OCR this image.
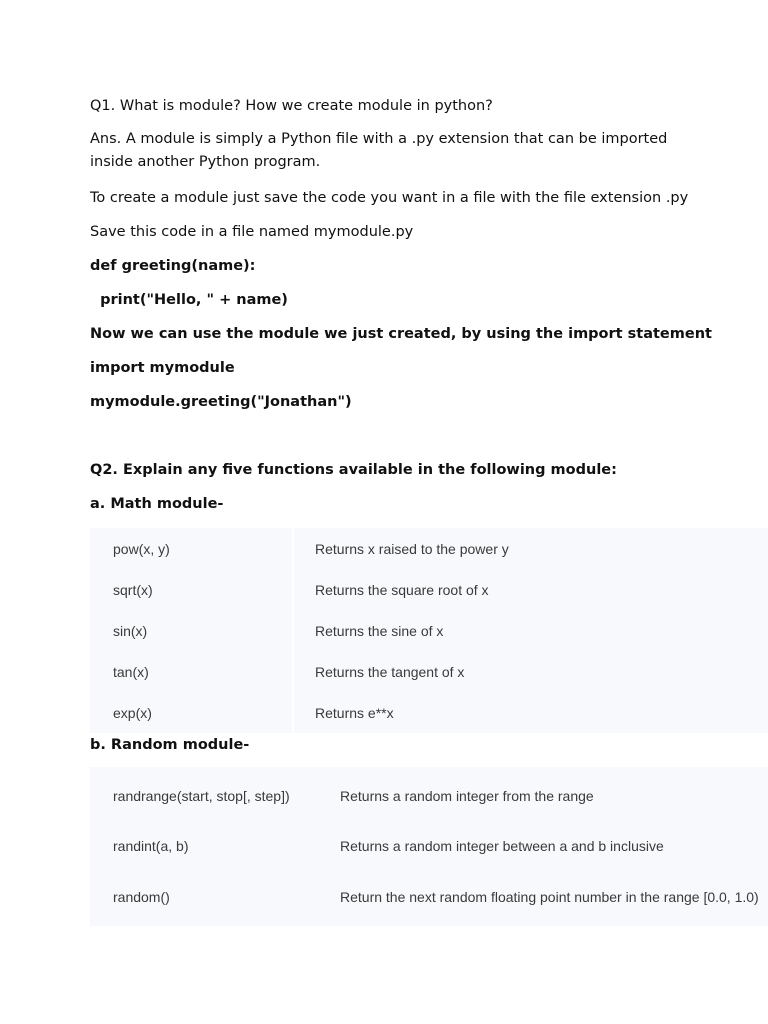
Q1. What is module? How we create module in python?
Ans. A module is simply a Python file with a .py extension that can be imported inside another Python program.
To create a module just save the code you want in a file with the file extension .py
Save this code in a file named mymodule.py
def greeting(name):
print("Hello, " + name)
Now we can use the module we just created, by using the import statement
import mymodule
mymodule.greeting("Jonathan")
Q2. Explain any five functions available in the following module:
a. Math module-
pow(x, y)	Returns x raised to the power y
sqrt(x)	Returns the square root of x
sin(x)	Returns the sine of x
tan(x)	Returns the tangent of x
exp(x)	Returns e**x
b. Random module-
randrange(start, stop[, step])	Returns a random integer from the range
randint(a, b)	Returns a random integer between a and b inclusive
random()	Return the next random floating point number in the range [0.0, 1.0)
